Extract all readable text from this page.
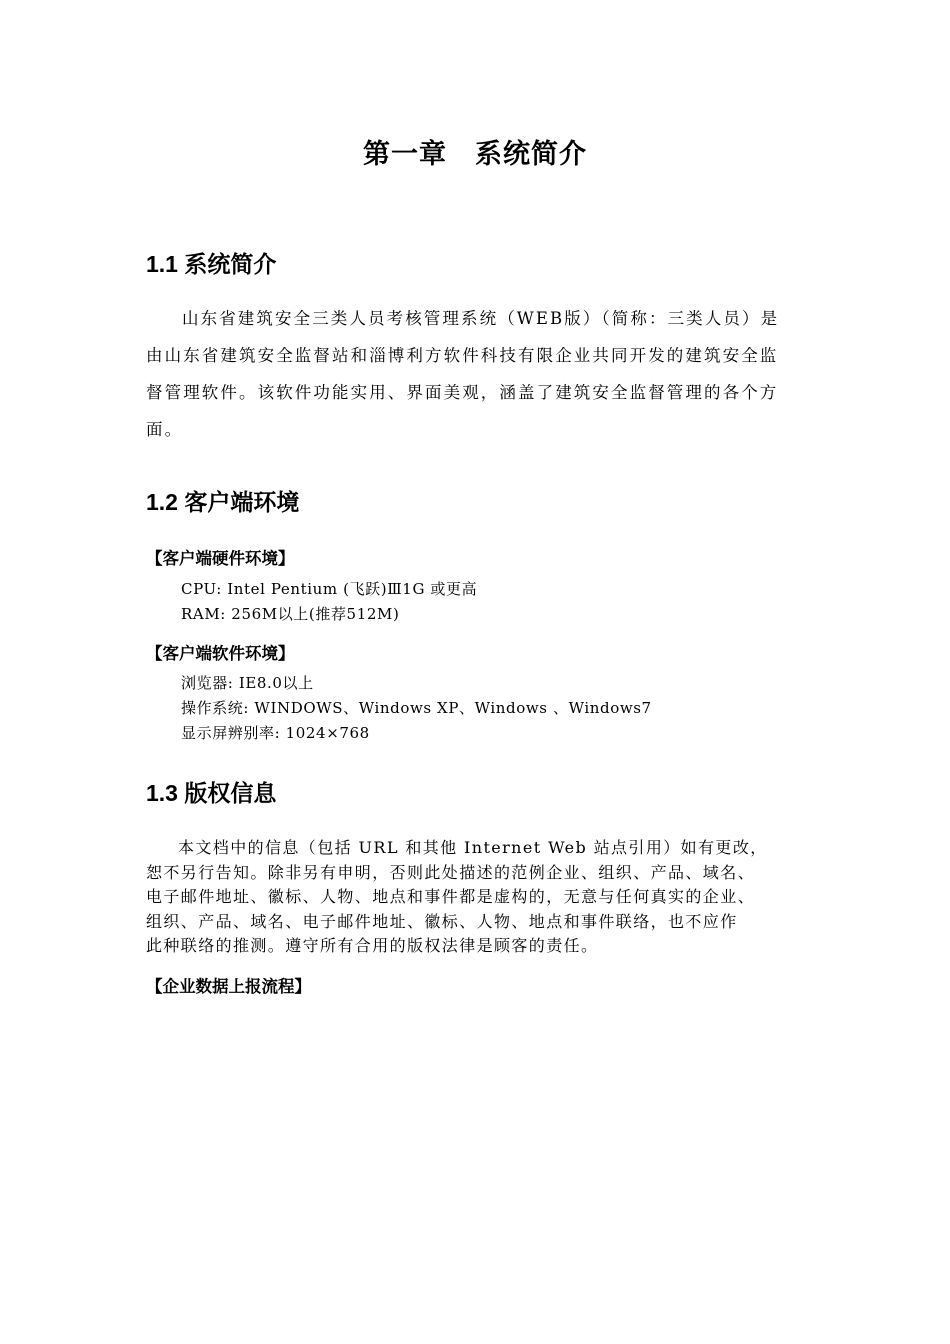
第一章　系统简介
1.1 系统简介
山东省建筑安全三类人员考核管理系统（WEB版）（简称：三类人员）是
由山东省建筑安全监督站和淄博利方软件科技有限企业共同开发的建筑安全监
督管理软件。该软件功能实用、界面美观，涵盖了建筑安全监督管理的各个方
面。
1.2 客户端环境
【客户端硬件环境】
CPU: Intel Pentium (飞跃)Ⅲ1G 或更高
RAM: 256M以上(推荐512M)
【客户端软件环境】
浏览器: IE8.0以上
操作系统: WINDOWS、Windows XP、Windows 、Windows7
显示屏辨别率: 1024×768
1.3 版权信息
本文档中的信息（包括 URL 和其他 Internet Web 站点引用）如有更改，
恕不另行告知。除非另有申明，否则此处描述的范例企业、组织、产品、域名、
电子邮件地址、徽标、人物、地点和事件都是虚构的，无意与任何真实的企业、
组织、产品、域名、电子邮件地址、徽标、人物、地点和事件联络，也不应作
此种联络的推测。遵守所有合用的版权法律是顾客的责任。
【企业数据上报流程】
